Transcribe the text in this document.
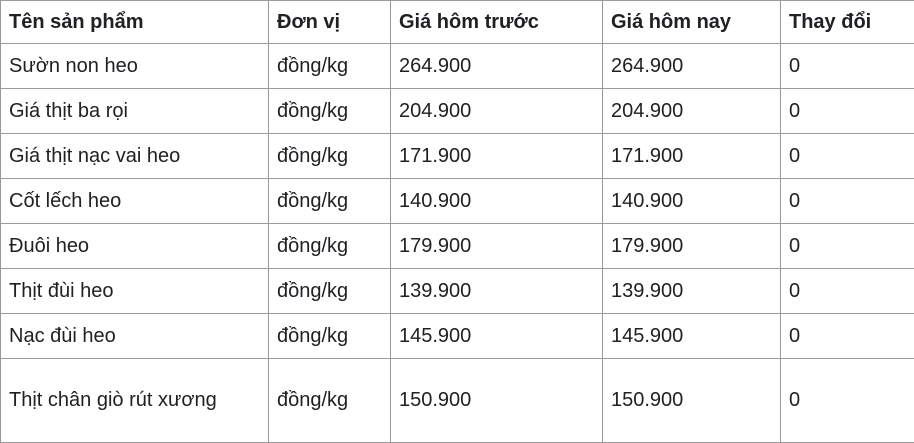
Tên sản phẩm	Đơn vị	Giá hôm trước	Giá hôm nay	Thay đổi
Sườn non heo	đồng/kg	264.900	264.900	0
Giá thịt ba rọi	đồng/kg	204.900	204.900	0
Giá thịt nạc vai heo	đồng/kg	171.900	171.900	0
Cốt lếch heo	đồng/kg	140.900	140.900	0
Đuôi heo	đồng/kg	179.900	179.900	0
Thịt đùi heo	đồng/kg	139.900	139.900	0
Nạc đùi heo	đồng/kg	145.900	145.900	0
Thịt chân giò rút xương	đồng/kg	150.900	150.900	0
